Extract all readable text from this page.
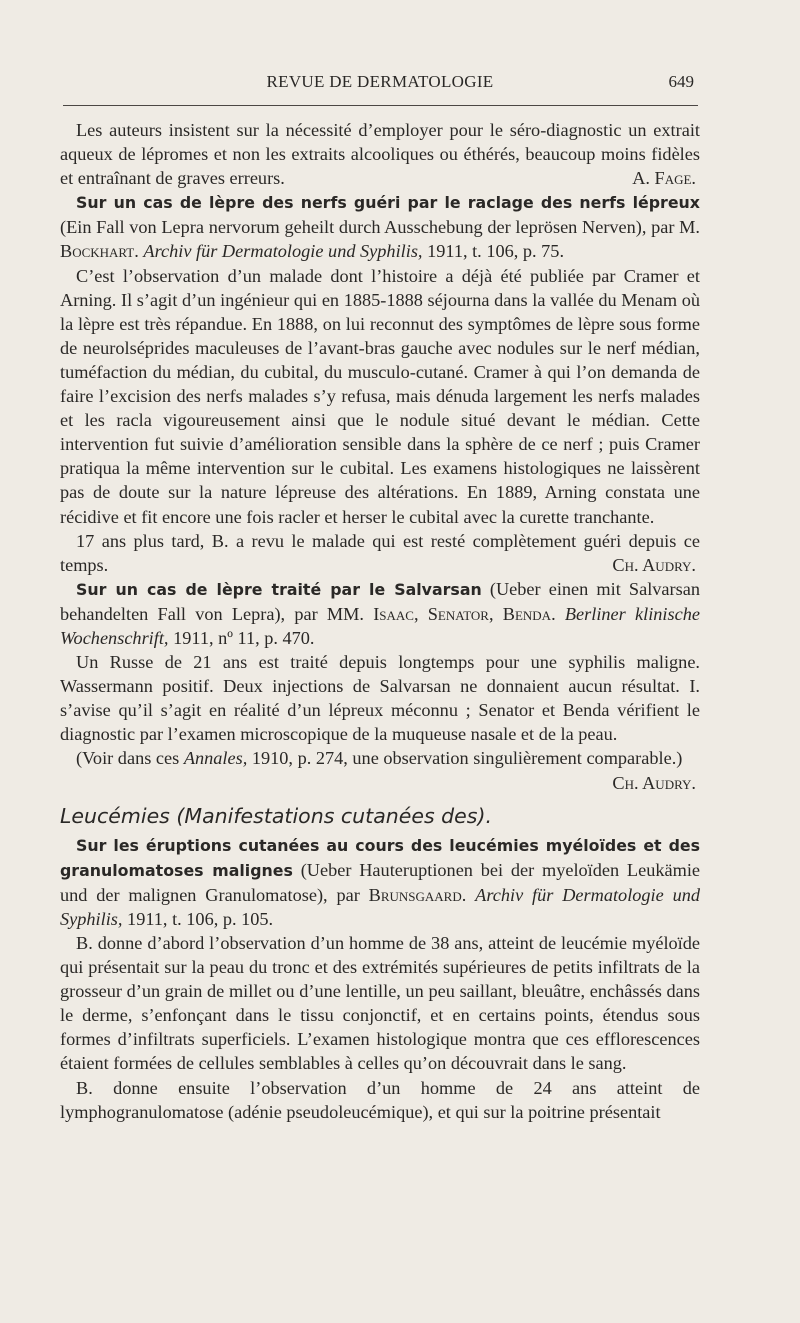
REVUE DE DERMATOLOGIE	649

Les auteurs insistent sur la nécessité d’employer pour le séro-diagnostic un extrait aqueux de lépromes et non les extraits alcooliques ou éthérés, beaucoup moins fidèles et entraînant de graves erreurs.	A. Fage.

Sur un cas de lèpre des nerfs guéri par le raclage des nerfs lépreux (Ein Fall von Lepra nervorum geheilt durch Ausschebung der leprösen Nerven), par M. Bockhart. Archiv für Dermatologie und Syphilis, 1911, t. 106, p. 75.

C’est l’observation d’un malade dont l’histoire a déjà été publiée par Cramer et Arning. Il s’agit d’un ingénieur qui en 1885-1888 séjourna dans la vallée du Menam où la lèpre est très répandue. En 1888, on lui reconnut des symptômes de lèpre sous forme de neurolséprides maculeuses de l’avant-bras gauche avec nodules sur le nerf médian, tuméfaction du médian, du cubital, du musculo-cutané. Cramer à qui l’on demanda de faire l’excision des nerfs malades s’y refusa, mais dénuda largement les nerfs malades et les racla vigoureusement ainsi que le nodule situé devant le médian. Cette intervention fut suivie d’amélioration sensible dans la sphère de ce nerf ; puis Cramer pratiqua la même intervention sur le cubital. Les examens histologiques ne laissèrent pas de doute sur la nature lépreuse des altérations. En 1889, Arning constata une récidive et fit encore une fois racler et herser le cubital avec la curette tranchante.

17 ans plus tard, B. a revu le malade qui est resté complètement guéri depuis ce temps.	Ch. Audry.

Sur un cas de lèpre traité par le Salvarsan (Ueber einen mit Salvarsan behandelten Fall von Lepra), par MM. Isaac, Senator, Benda. Berliner klinische Wochenschrift, 1911, nº 11, p. 470.

Un Russe de 21 ans est traité depuis longtemps pour une syphilis maligne. Wassermann positif. Deux injections de Salvarsan ne donnaient aucun résultat. I. s’avise qu’il s’agit en réalité d’un lépreux méconnu ; Senator et Benda vérifient le diagnostic par l’examen microscopique de la muqueuse nasale et de la peau.

(Voir dans ces Annales, 1910, p. 274, une observation singulièrement comparable.)
Ch. Audry.

Leucémies (Manifestations cutanées des).

Sur les éruptions cutanées au cours des leucémies myéloïdes et des granulomatoses malignes (Ueber Hauteruptionen bei der myeloïden Leukämie und der malignen Granulomatose), par Brunsgaard. Archiv für Dermatologie und Syphilis, 1911, t. 106, p. 105.

B. donne d’abord l’observation d’un homme de 38 ans, atteint de leucémie myéloïde qui présentait sur la peau du tronc et des extrémités supérieures de petits infiltrats de la grosseur d’un grain de millet ou d’une lentille, un peu saillant, bleuâtre, enchâssés dans le derme, s’enfonçant dans le tissu conjonctif, et en certains points, étendus sous formes d’infiltrats superficiels. L’examen histologique montra que ces efflorescences étaient formées de cellules semblables à celles qu’on découvrait dans le sang.

B. donne ensuite l’observation d’un homme de 24 ans atteint de lymphogranulomatose (adénie pseudoleucémique), et qui sur la poitrine présentait
